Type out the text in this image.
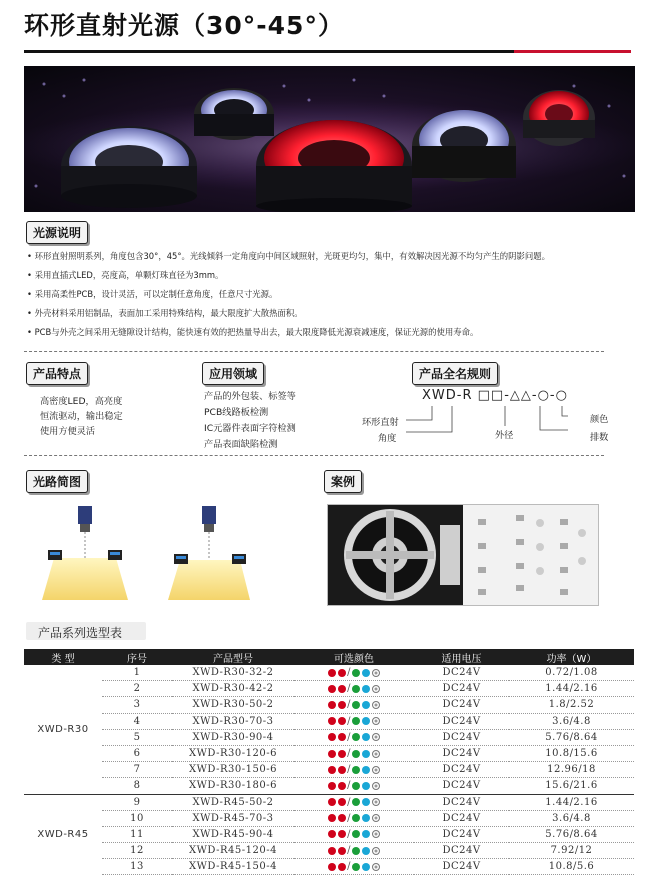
环形直射光源（30°-45°）
光源说明
• 环形直射照明系列，角度包含30°，45°。光线倾斜一定角度向中间区域照射，光斑更均匀，集中，有效解决因光源不均匀产生的阴影问题。
• 采用直插式LED，亮度高，单颗灯珠直径为3mm。
• 采用高柔性PCB，设计灵活，可以定制任意角度，任意尺寸光源。
• 外壳材料采用铝制品，表面加工采用特殊结构，最大限度扩大散热面积。
• PCB与外壳之间采用无缝隙设计结构，能快速有效的把热量导出去，最大限度降低光源衰减速度，保证光源的使用寿命。
产品特点
高密度LED，高亮度
恒流驱动，输出稳定
使用方便灵活
应用领域
产品的外包装、标签等
PCB线路板检测
IC元器件表面字符检测
产品表面缺陷检测
产品全名规则
XWD-R □□-△△-○-○
环形直射
角度	外径
颜色
排数
光路简图	案例
产品系列选型表
类 型	序号	产品型号	可选颜色	适用电压	功率（W）
XWD-R30	1	XWD-R30-32-2	/	DC24V	0.72/1.08
	2	XWD-R30-42-2	/	DC24V	1.44/2.16
	3	XWD-R30-50-2	/	DC24V	1.8/2.52
	4	XWD-R30-70-3	/	DC24V	3.6/4.8
	5	XWD-R30-90-4	/	DC24V	5.76/8.64
	6	XWD-R30-120-6	/	DC24V	10.8/15.6
	7	XWD-R30-150-6	/	DC24V	12.96/18
	8	XWD-R30-180-6	/	DC24V	15.6/21.6
XWD-R45	9	XWD-R45-50-2	/	DC24V	1.44/2.16
	10	XWD-R45-70-3	/	DC24V	3.6/4.8
	11	XWD-R45-90-4	/	DC24V	5.76/8.64
	12	XWD-R45-120-4	/	DC24V	7.92/12
	13	XWD-R45-150-4	/	DC24V	10.8/5.6
